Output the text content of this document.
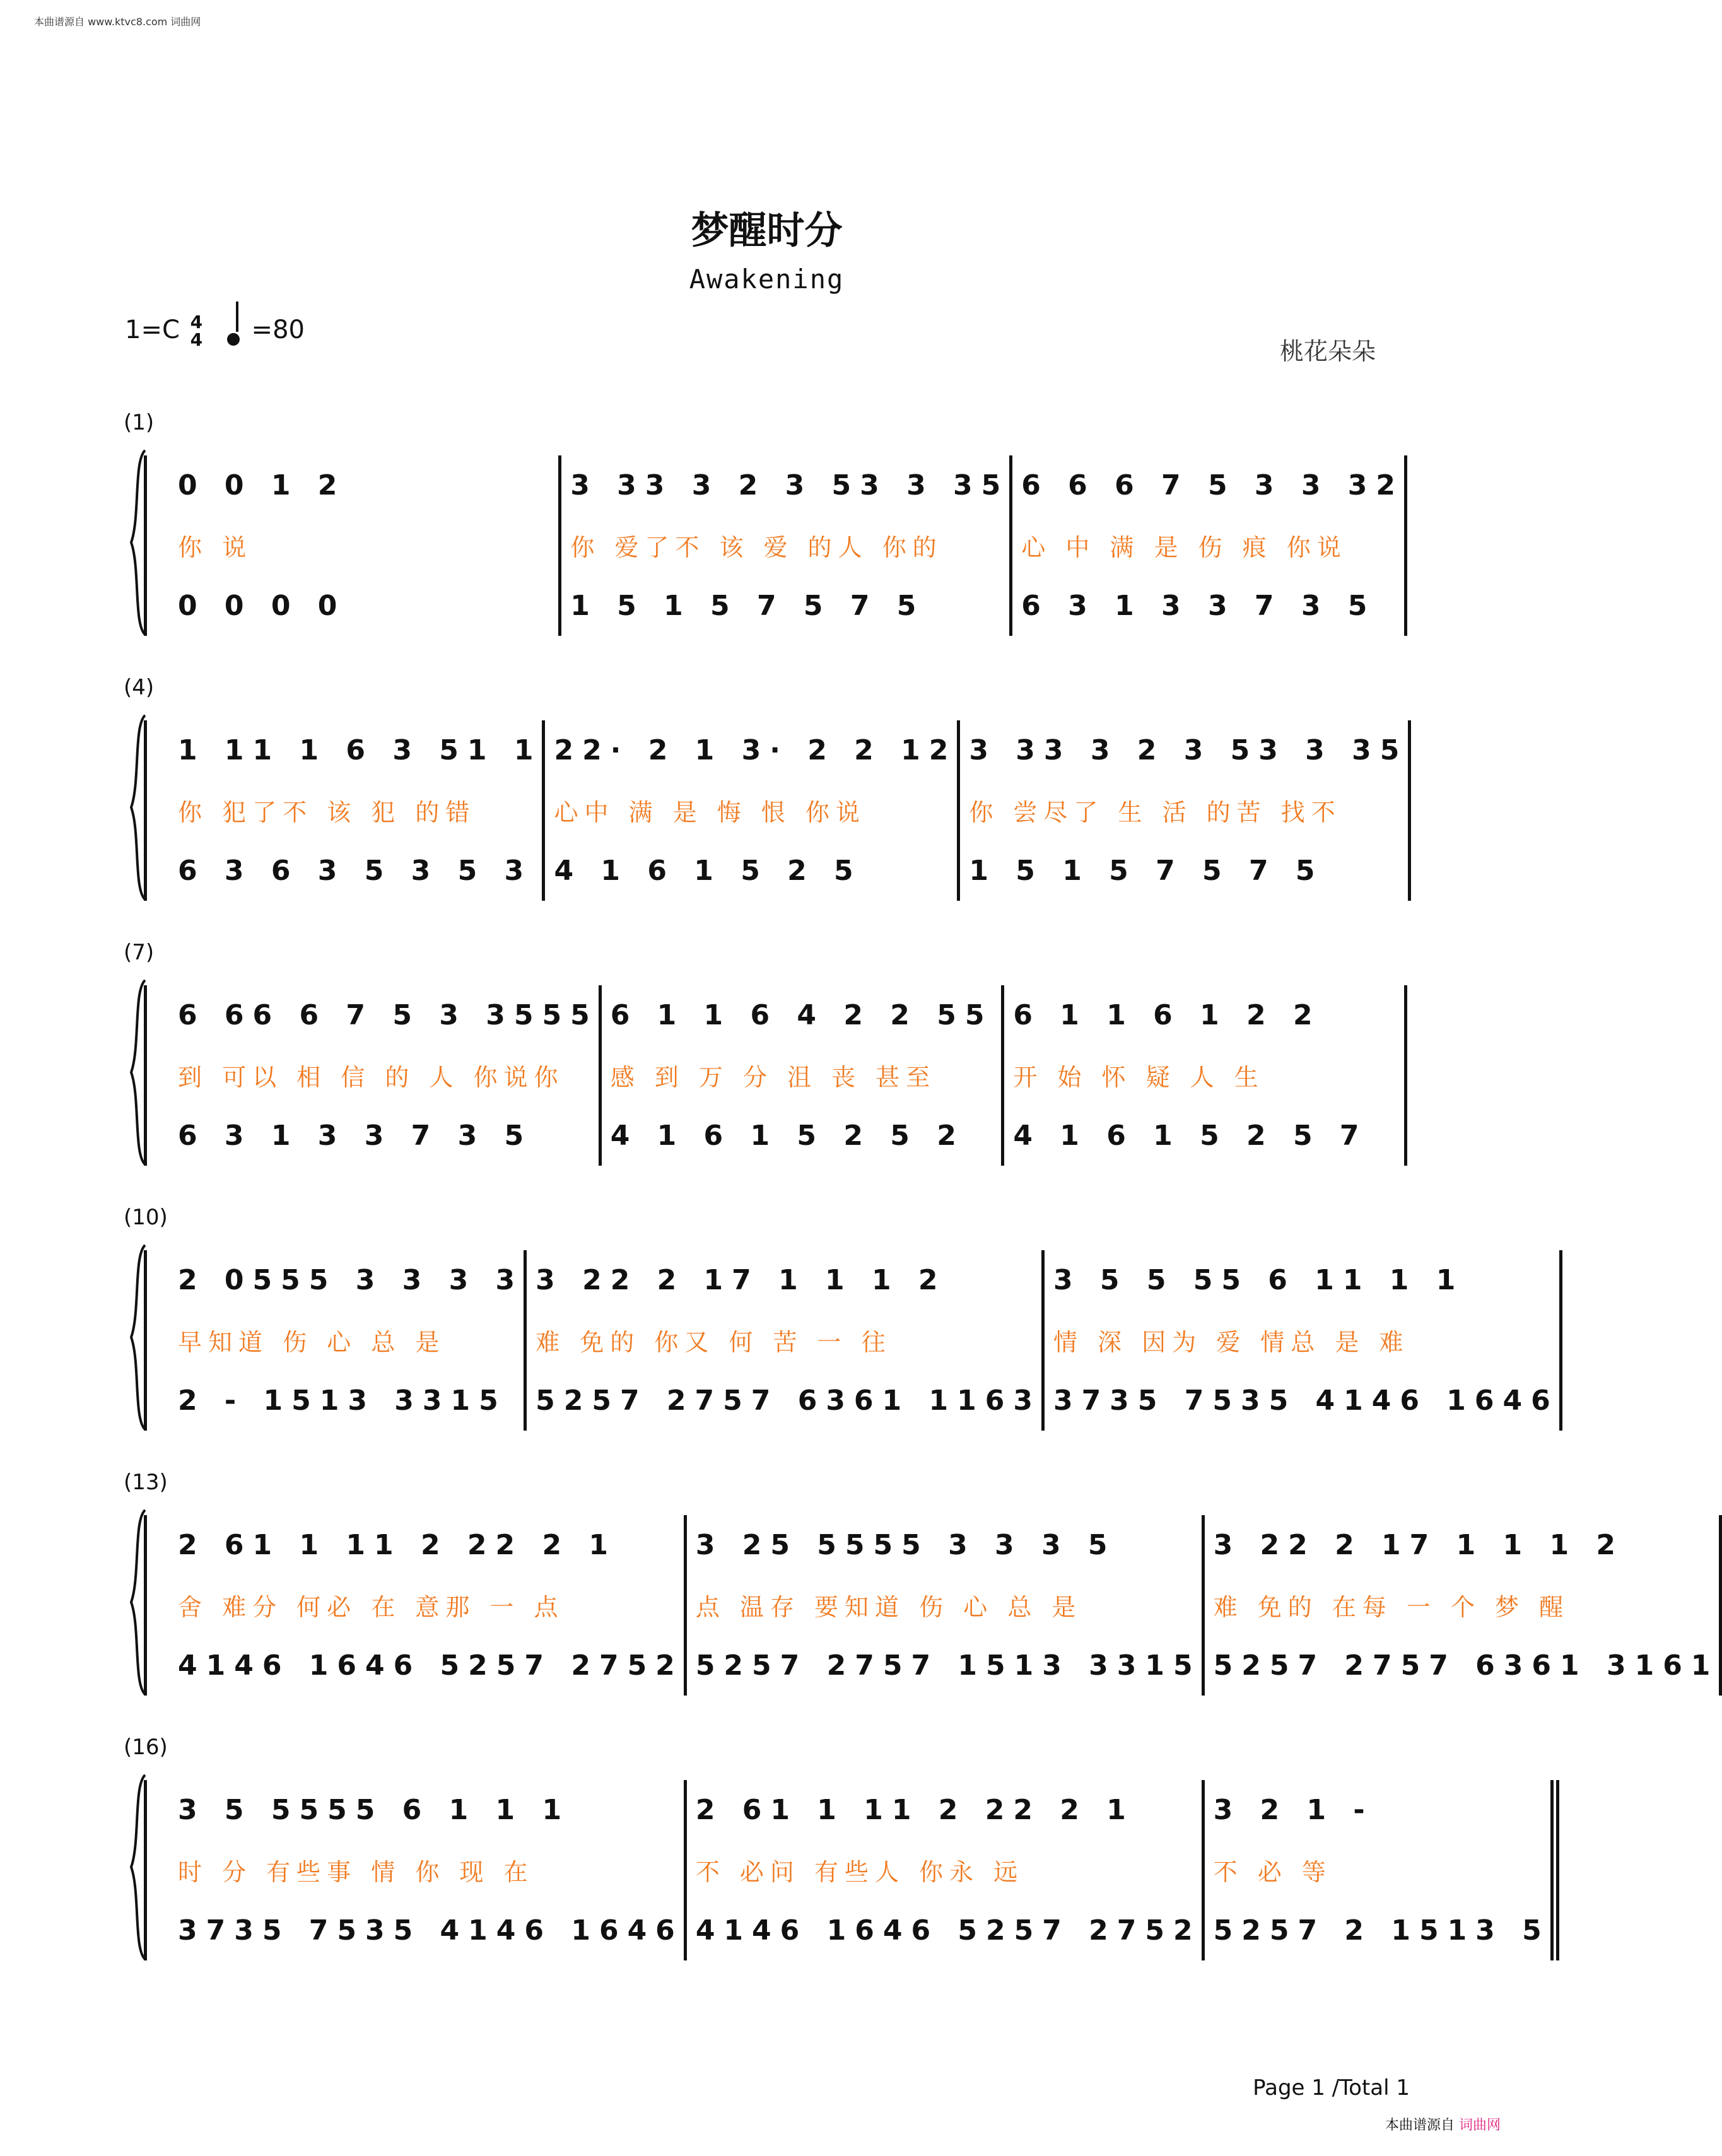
本曲谱源自 www.ktvc8.com 词曲网
梦醒时分
Awakening
1=C 4
4 =80
桃花朵朵
(1)
0 0 1 2
你 说
0 0 0 0
3 33 3 2 3 53 3 35
你 爱了不 该 爱 的人 你的
1 5 1 5 7 5 7 5
6 6 6 7 5 3 3 32
心 中 满 是 伤 痕 你说
6 3 1 3 3 7 3 5
(4)
1 11 1 6 3 51 1
你 犯了不 该 犯 的错
6 3 6 3 5 3 5 3
22· 2 1 3· 2 2 12
心中 满 是 悔 恨 你说
4 1 6 1 5 2 5
3 33 3 2 3 53 3 35
你 尝尽了 生 活 的苦 找不
1 5 1 5 7 5 7 5
(7)
6 66 6 7 5 3 3555
到 可以 相 信 的 人 你说你
6 3 1 3 3 7 3 5
6 1 1 6 4 2 2 55
感 到 万 分 沮 丧 甚至
4 1 6 1 5 2 5 2
6 1 1 6 1 2 2
开 始 怀 疑 人 生
4 1 6 1 5 2 5 7
(10)
2 0555 3 3 3 3
早知道 伤 心 总 是
2 - 1513 3315
3 22 2 17 1 1 1 2
难 免的 你又 何 苦 一 往
5257 2757 6361 1163
3 5 5 55 6 11 1 1
情 深 因为 爱 情总 是 难
3735 7535 4146 1646
(13)
2 61 1 11 2 22 2 1
舍 难分 何必 在 意那 一 点
4146 1646 5257 2752
3 25 5555 3 3 3 5
点 温存 要知道 伤 心 总 是
5257 2757 1513 3315
3 22 2 17 1 1 1 2
难 免的 在每 一 个 梦 醒
5257 2757 6361 3161
(16)
3 5 5555 6 1 1 1
时 分 有些事 情 你 现 在
3735 7535 4146 1646
2 61 1 11 2 22 2 1
不 必问 有些人 你永 远
4146 1646 5257 2752
3 2 1 -
不 必 等
5257 2 1513 5
Page 1 /Total 1
本曲谱源自 词曲网
